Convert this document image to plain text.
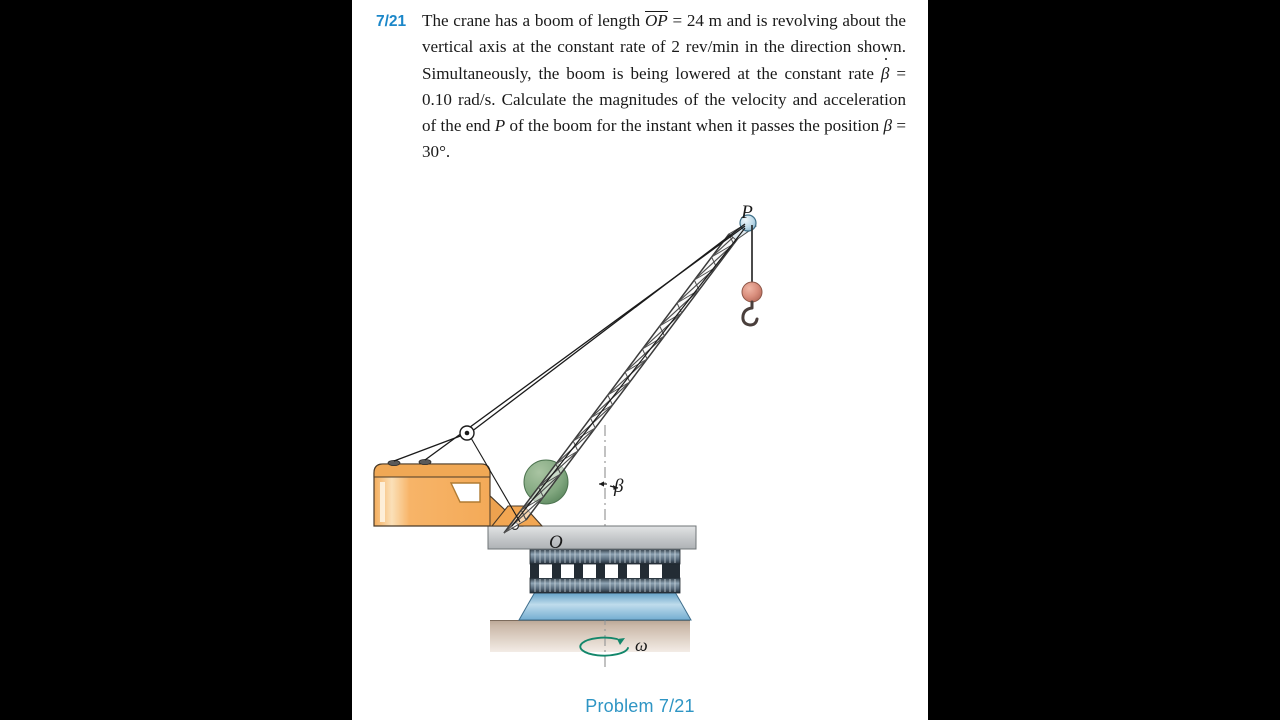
7/21 The crane has a boom of length OP = 24 m and is revolving about the vertical axis at the constant rate of 2 rev/min in the direction shown. Simultaneously, the boom is being lowered at the constant rate β = 0.10 rad/s. Calculate the magnitudes of the velocity and acceleration of the end P of the boom for the instant when it passes the position β = 30°.
β
P
O
ω
Problem 7/21
